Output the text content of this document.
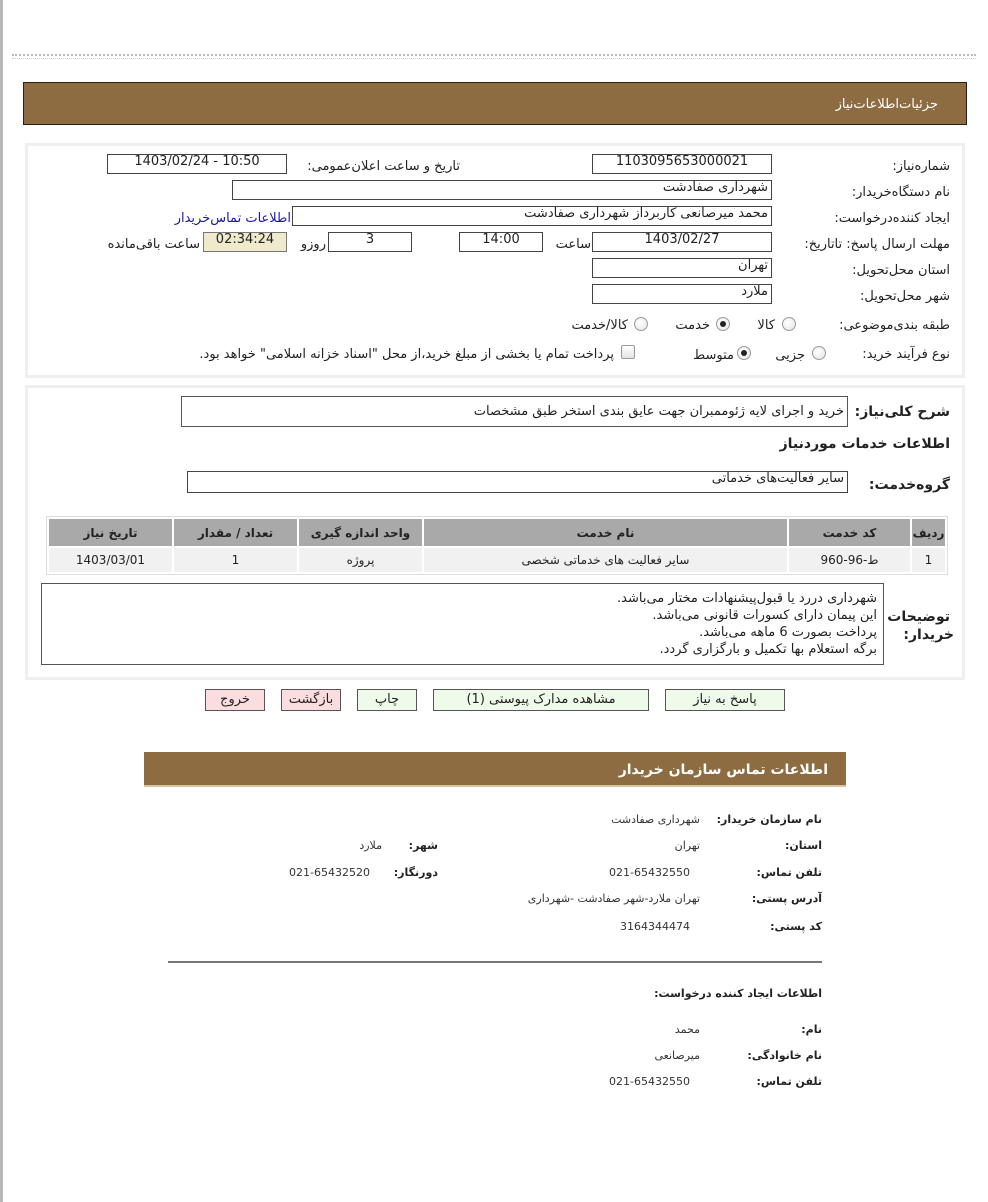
جزئیات‌اطلاعات‌نیاز
شماره‌نیاز:
1103095653000021
تاریخ و ساعت اعلان‌عمومی:
1403/02/24 - 10:50
نام دستگاه‌خریدار:
شهرداری صفادشت
ایجاد کننده‌درخواست:
محمد میرصانعی کاربرداز شهرداری صفادشت
اطلاعات تماس‌خریدار
مهلت ارسال پاسخ: تاتاریخ:
1403/02/27
ساعت
14:00
3
روزو
02:34:24
ساعت باقی‌مانده
استان محل‌تحویل:
تهران
شهر محل‌تحویل:
ملارد
طبقه بندی‌موضوعی:
کالا
خدمت
کالا/خدمت
نوع فرآیند خرید:
جزیی
متوسط
پرداخت تمام یا بخشی از مبلغ خرید،از محل "اسناد خزانه اسلامی" خواهد بود.
شرح کلی‌نیاز:
خرید و اجرای لایه ژئوممبران جهت عایق بندی استخر طبق مشخصات
اطلاعات خدمات موردنیاز
گروه‌خدمت:
سایر فعالیت‌های خدماتی
ردیف	کد خدمت	نام خدمت	واحد اندازه گیری	تعداد / مقدار	تاریخ نیاز
1	ط-96-960	سایر فعالیت های خدماتی شخصی	پروژه	1	1403/03/01
توضیحات
خریدار:
شهرداری دررد یا قبول‌پیشنهادات مختار می‌باشد.
این پیمان دارای کسورات قانونی می‌باشد.
پرداخت بصورت 6 ماهه می‌باشد.
برگه استعلام بها تکمیل و بارگزاری گردد.
پاسخ به نیاز
مشاهده مدارک پیوستی (1)
چاپ
بازگشت
خروج
اطلاعات تماس سازمان خریدار
نام سازمان خریدار:
شهرداری صفادشت
استان:
تهران
شهر:
ملارد
تلفن تماس:
021-65432550
دورنگار:
021-65432520
آدرس پستی:
تهران ملارد-شهر صفادشت -شهرداری
کد پستی:
3164344474
اطلاعات ایجاد کننده درخواست:
نام:
محمد
نام خانوادگی:
میرصانعی
تلفن تماس:
021-65432550
